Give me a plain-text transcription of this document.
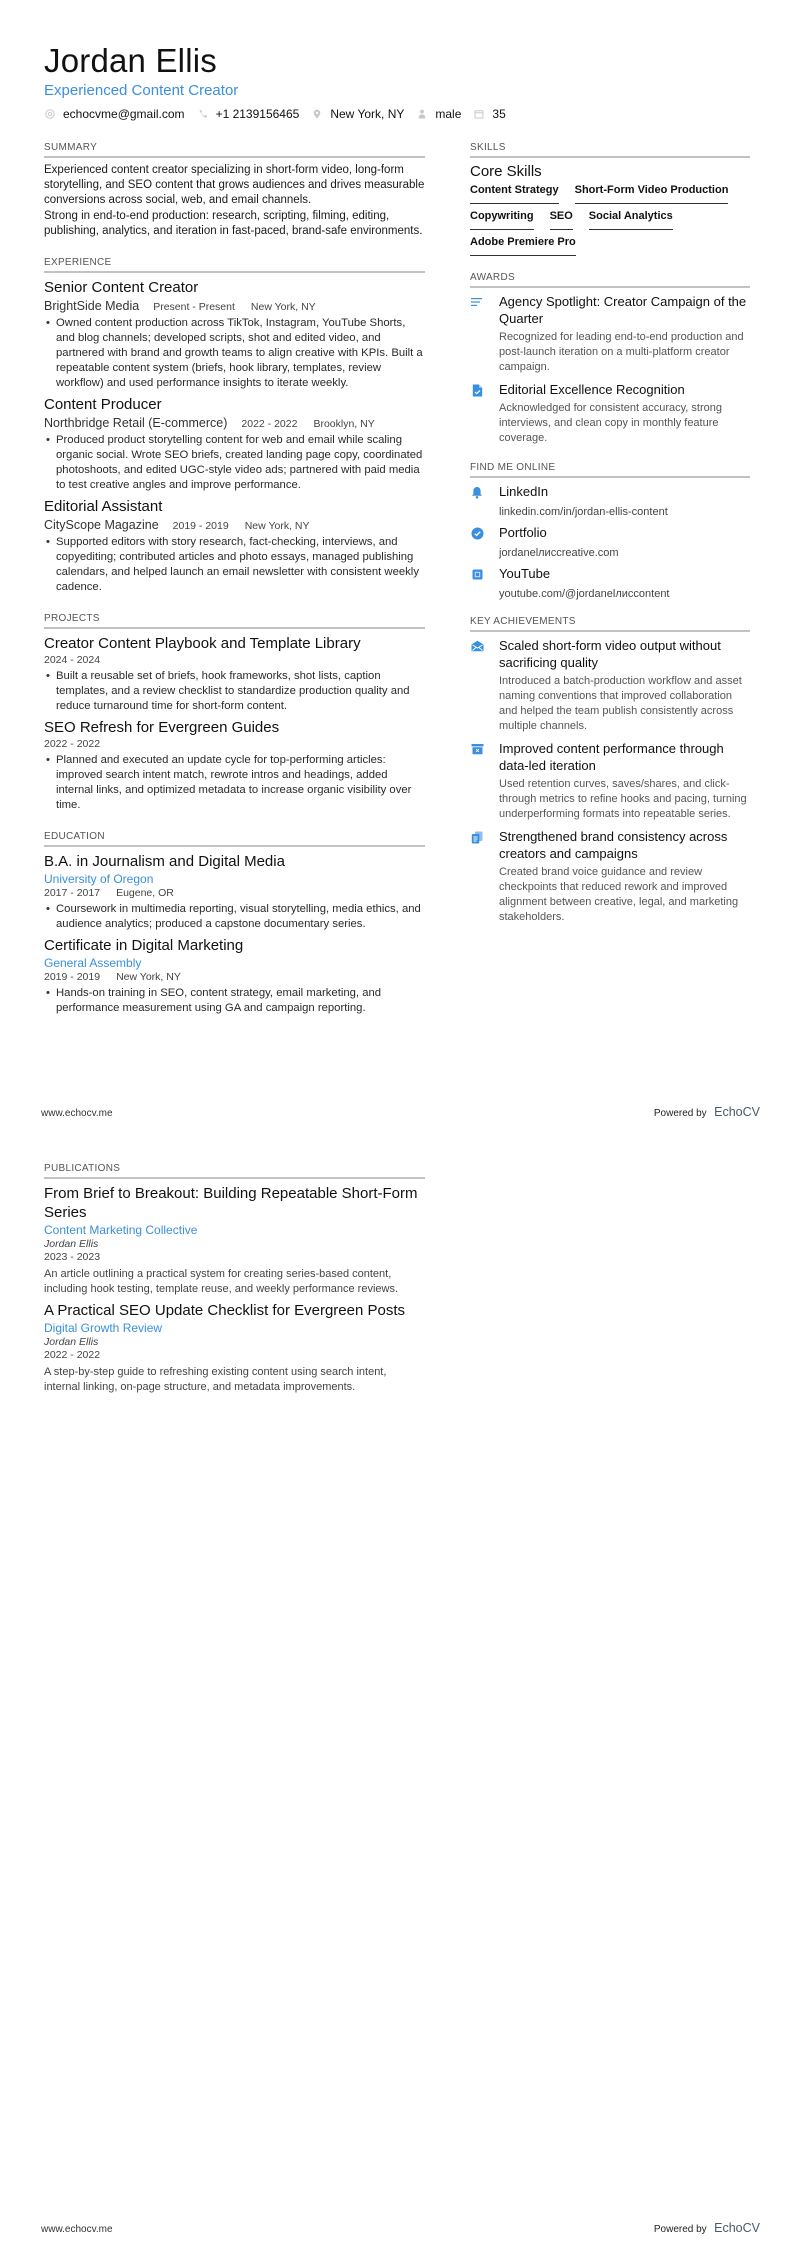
Jordan Ellis
Experienced Content Creator
echocvme@gmail.com	+1 2139156465	New York, NY	male	35
SUMMARY

Experienced content creator specializing in short-form video, long-form storytelling, and SEO content that grows audiences and drives measurable conversions across social, web, and email channels.

Strong in end-to-end production: research, scripting, filming, editing, publishing, analytics, and iteration in fast-paced, brand-safe environments.

EXPERIENCE
Senior Content Creator
BrightSide Media Present - Present New York, NY
• Owned content production across TikTok, Instagram, YouTube Shorts, and blog channels; developed scripts, shot and edited video, and partnered with brand and growth teams to align creative with KPIs. Built a repeatable content system (briefs, hook library, templates, review workflow) and used performance insights to iterate weekly.
Content Producer
Northbridge Retail (E-commerce) 2022 - 2022 Brooklyn, NY
• Produced product storytelling content for web and email while scaling organic social. Wrote SEO briefs, created landing page copy, coordinated photoshoots, and edited UGC-style video ads; partnered with paid media to test creative angles and improve performance.
Editorial Assistant
CityScope Magazine 2019 - 2019 New York, NY
• Supported editors with story research, fact-checking, interviews, and copyediting; contributed articles and photo essays, managed publishing calendars, and helped launch an email newsletter with consistent weekly cadence.
PROJECTS
Creator Content Playbook and Template Library
2024 - 2024
• Built a reusable set of briefs, hook frameworks, shot lists, caption templates, and a review checklist to standardize production quality and reduce turnaround time for short-form content.
SEO Refresh for Evergreen Guides
2022 - 2022
• Planned and executed an update cycle for top-performing articles: improved search intent match, rewrote intros and headings, added internal links, and optimized metadata to increase organic visibility over time.
EDUCATION
B.A. in Journalism and Digital Media
University of Oregon
2017 - 2017 Eugene, OR
• Coursework in multimedia reporting, visual storytelling, media ethics, and audience analytics; produced a capstone documentary series.
Certificate in Digital Marketing
General Assembly
2019 - 2019 New York, NY
• Hands-on training in SEO, content strategy, email marketing, and performance measurement using GA and campaign reporting.
SKILLS
Core Skills
Content Strategy Short-Form Video Production
Copywriting SEO Social Analytics
Adobe Premiere Pro
AWARDS
Agency Spotlight: Creator Campaign of the Quarter
Recognized for leading end-to-end production and post-launch iteration on a multi-platform creator campaign.
Editorial Excellence Recognition
Acknowledged for consistent accuracy, strong interviews, and clean copy in monthly feature coverage.
FIND ME ONLINE
LinkedIn
linkedin.com/in/jordan-ellis-content
Portfolio
jordanelлисcreative.com
YouTube
youtube.com/@jordanelлисcontent
KEY ACHIEVEMENTS
Scaled short-form video output without sacrificing quality
Introduced a batch-production workflow and asset naming conventions that improved collaboration and helped the team publish consistently across multiple channels.
Improved content performance through data-led iteration
Used retention curves, saves/shares, and click-through metrics to refine hooks and pacing, turning underperforming formats into repeatable series.
Strengthened brand consistency across creators and campaigns
Created brand voice guidance and review checkpoints that reduced rework and improved alignment between creative, legal, and marketing stakeholders.
www.echocv.me	Powered by EchoCV
PUBLICATIONS
From Brief to Breakout: Building Repeatable Short-Form Series
Content Marketing Collective
Jordan Ellis
2023 - 2023
An article outlining a practical system for creating series-based content, including hook testing, template reuse, and weekly performance reviews.
A Practical SEO Update Checklist for Evergreen Posts
Digital Growth Review
Jordan Ellis
2022 - 2022
A step-by-step guide to refreshing existing content using search intent, internal linking, on-page structure, and metadata improvements.
www.echocv.me	Powered by EchoCV
